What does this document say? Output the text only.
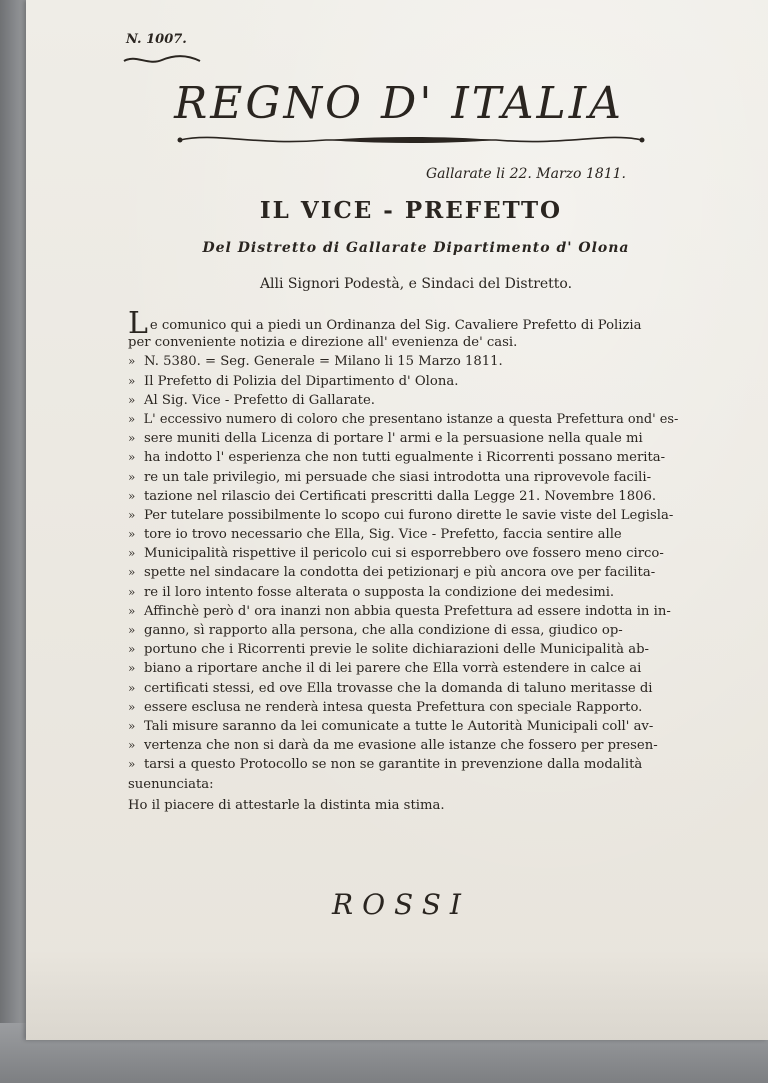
N. 1007.
REGNO D' ITALIA
Gallarate li 22. Marzo 1811.
IL VICE - PREFETTO
Del Distretto di Gallarate Dipartimento d' Olona
Alli Signori Podestà, e Sindaci del Distretto.
Le comunico qui a piedi un Ordinanza del Sig. Cavaliere Prefetto di Polizia
per conveniente notizia e direzione all' evenienza de' casi.
» N. 5380. = Seg. Generale = Milano li 15 Marzo 1811.
» Il Prefetto di Polizia del Dipartimento d' Olona.
» Al Sig. Vice - Prefetto di Gallarate.
» L' eccessivo numero di coloro che presentano istanze a questa Prefettura ond' es-
» sere muniti della Licenza di portare l' armi e la persuasione nella quale mi
» ha indotto l' esperienza che non tutti egualmente i Ricorrenti possano merita-
» re un tale privilegio, mi persuade che siasi introdotta una riprovevole facili-
» tazione nel rilascio dei Certificati prescritti dalla Legge 21. Novembre 1806.
» Per tutelare possibilmente lo scopo cui furono dirette le savie viste del Legisla-
» tore io trovo necessario che Ella, Sig. Vice - Prefetto, faccia sentire alle
» Municipalità rispettive il pericolo cui si esporrebbero ove fossero meno circo-
» spette nel sindacare la condotta dei petizionarj e più ancora ove per facilita-
» re il loro intento fosse alterata o supposta la condizione dei medesimi.
» Affinchè però d' ora inanzi non abbia questa Prefettura ad essere indotta in in-
» ganno, sì rapporto alla persona, che alla condizione di essa, giudico op-
» portuno che i Ricorrenti previe le solite dichiarazioni delle Municipalità ab-
» biano a riportare anche il di lei parere che Ella vorrà estendere in calce ai
» certificati stessi, ed ove Ella trovasse che la domanda di taluno meritasse di
» essere esclusa ne renderà intesa questa Prefettura con speciale Rapporto.
» Tali misure saranno da lei comunicate a tutte le Autorità Municipali coll' av-
» vertenza che non si darà da me evasione alle istanze che fossero per presen-
» tarsi a questo Protocollo se non se garantite in prevenzione dalla modalità
suenunciata:
Ho il piacere di attestarle la distinta mia stima.
ROSSI
